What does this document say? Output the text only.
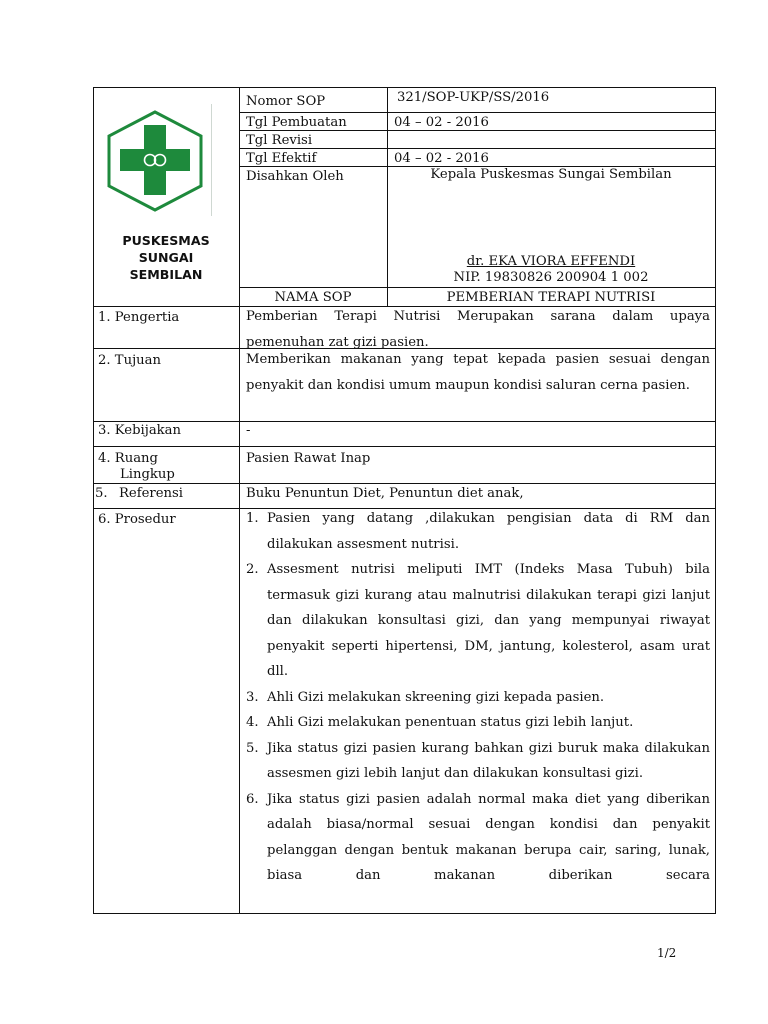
PUSKESMAS
SUNGAI
SEMBILAN
Nomor SOP
Tgl Pembuatan
Tgl Revisi
Tgl Efektif
Disahkan Oleh
NAMA SOP
321/SOP-UKP/SS/2016
04 – 02 - 2016
04 – 02 - 2016
Kepala Puskesmas Sungai Sembilan
dr. EKA VIORA EFFENDI
NIP. 19830826 200904 1 002
PEMBERIAN TERAPI NUTRISI
1. Pengertia
2. Tujuan
3. Kebijakan
4. Ruang
Lingkup
5. Referensi
6. Prosedur
Pemberian Terapi Nutrisi Merupakan sarana dalam upaya pemenuhan zat gizi pasien.
Memberikan makanan yang tepat kepada pasien sesuai dengan penyakit dan kondisi umum maupun kondisi saluran cerna pasien.
-
Pasien Rawat Inap
Buku Penuntun Diet, Penuntun diet anak,
1. Pasien yang datang ,dilakukan pengisian data di RM dan dilakukan assesment nutrisi.
2. Assesment nutrisi meliputi IMT (Indeks Masa Tubuh) bila termasuk gizi kurang atau malnutrisi dilakukan terapi gizi lanjut dan dilakukan konsultasi gizi, dan yang mempunyai riwayat penyakit seperti hipertensi, DM, jantung, kolesterol, asam urat dll.
3. Ahli Gizi melakukan skreening gizi kepada pasien.
4. Ahli Gizi melakukan penentuan status gizi lebih lanjut.
5. Jika status gizi pasien kurang bahkan gizi buruk maka dilakukan assesmen gizi lebih lanjut dan dilakukan konsultasi gizi.
6. Jika status gizi pasien adalah normal maka diet yang diberikan adalah biasa/normal sesuai dengan kondisi dan penyakit pelanggan dengan bentuk makanan berupa cair, saring, lunak, biasa dan makanan diberikan secara
1/2
